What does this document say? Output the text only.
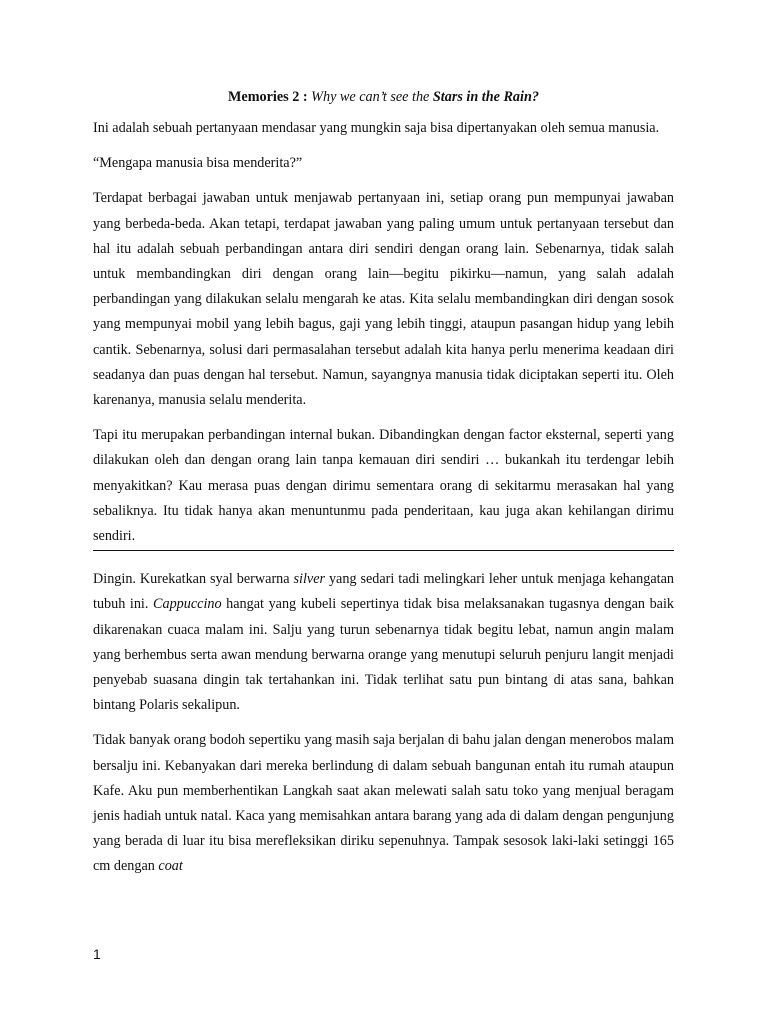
Memories 2 : Why we can’t see the Stars in the Rain?

Ini adalah sebuah pertanyaan mendasar yang mungkin saja bisa dipertanyakan oleh semua manusia.

“Mengapa manusia bisa menderita?”

Terdapat berbagai jawaban untuk menjawab pertanyaan ini, setiap orang pun mempunyai jawaban yang berbeda-beda. Akan tetapi, terdapat jawaban yang paling umum untuk pertanyaan tersebut dan hal itu adalah sebuah perbandingan antara diri sendiri dengan orang lain. Sebenarnya, tidak salah untuk membandingkan diri dengan orang lain—begitu pikirku—namun, yang salah adalah perbandingan yang dilakukan selalu mengarah ke atas. Kita selalu membandingkan diri dengan sosok yang mempunyai mobil yang lebih bagus, gaji yang lebih tinggi, ataupun pasangan hidup yang lebih cantik. Sebenarnya, solusi dari permasalahan tersebut adalah kita hanya perlu menerima keadaan diri seadanya dan puas dengan hal tersebut. Namun, sayangnya manusia tidak diciptakan seperti itu. Oleh karenanya, manusia selalu menderita.

Tapi itu merupakan perbandingan internal bukan. Dibandingkan dengan factor eksternal, seperti yang dilakukan oleh dan dengan orang lain tanpa kemauan diri sendiri … bukankah itu terdengar lebih menyakitkan? Kau merasa puas dengan dirimu sementara orang di sekitarmu merasakan hal yang sebaliknya. Itu tidak hanya akan menuntunmu pada penderitaan, kau juga akan kehilangan dirimu sendiri.

Dingin. Kurekatkan syal berwarna silver yang sedari tadi melingkari leher untuk menjaga kehangatan tubuh ini. Cappuccino hangat yang kubeli sepertinya tidak bisa melaksanakan tugasnya dengan baik dikarenakan cuaca malam ini. Salju yang turun sebenarnya tidak begitu lebat, namun angin malam yang berhembus serta awan mendung berwarna orange yang menutupi seluruh penjuru langit menjadi penyebab suasana dingin tak tertahankan ini. Tidak terlihat satu pun bintang di atas sana, bahkan bintang Polaris sekalipun.

Tidak banyak orang bodoh sepertiku yang masih saja berjalan di bahu jalan dengan menerobos malam bersalju ini. Kebanyakan dari mereka berlindung di dalam sebuah bangunan entah itu rumah ataupun Kafe. Aku pun memberhentikan Langkah saat akan melewati salah satu toko yang menjual beragam jenis hadiah untuk natal. Kaca yang memisahkan antara barang yang ada di dalam dengan pengunjung yang berada di luar itu bisa merefleksikan diriku sepenuhnya. Tampak sesosok laki-laki setinggi 165 cm dengan coat

1
